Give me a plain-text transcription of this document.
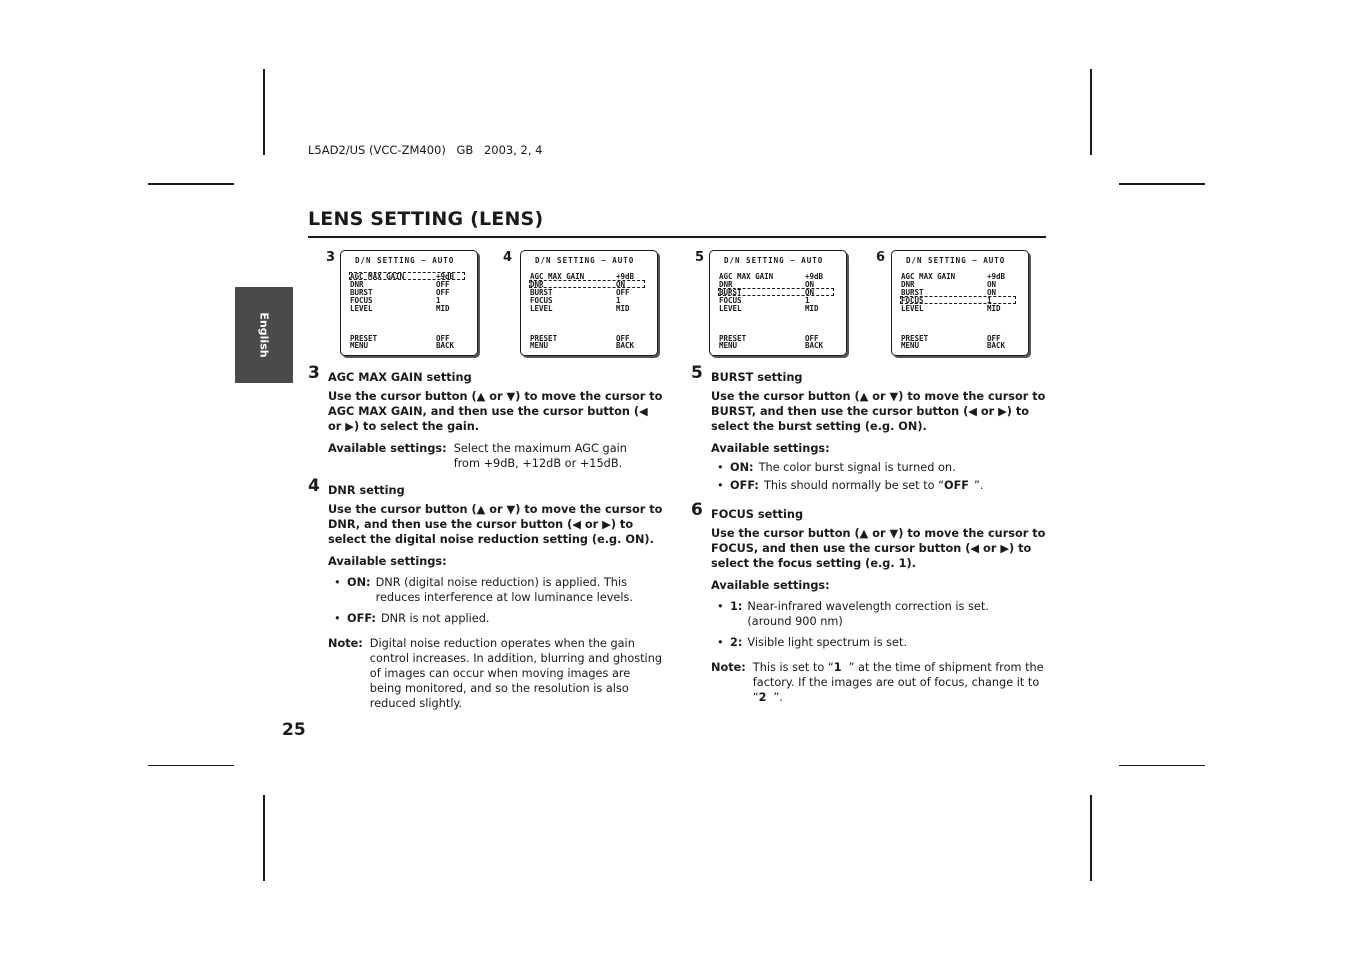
L5AD2/US (VCC-ZM400) GB 2003, 2, 4
LENS SETTING (LENS)
English
3	D/N SETTING − AUTO
AGC MAX GAIN	+9dB
DNR	OFF
BURST	OFF
FOCUS	1
LEVEL	MID
PRESET	OFF
MENU	BACK
4	D/N SETTING − AUTO
AGC MAX GAIN	+9dB
DNR	ON
BURST	OFF
FOCUS	1
LEVEL	MID
PRESET	OFF
MENU	BACK
5	D/N SETTING − AUTO
AGC MAX GAIN	+9dB
DNR	ON
BURST	ON
FOCUS	1
LEVEL	MID
PRESET	OFF
MENU	BACK
6	D/N SETTING − AUTO
AGC MAX GAIN	+9dB
DNR	ON
BURST	ON
FOCUS	1
LEVEL	MID
PRESET	OFF
MENU	BACK
3 AGC MAX GAIN setting
Use the cursor button (▲ or ▼) to move the cursor to AGC MAX GAIN, and then use the cursor button (◀ or ▶) to select the gain.
Available settings: Select the maximum AGC gain from +9dB, +12dB or +15dB.
4 DNR setting
Use the cursor button (▲ or ▼) to move the cursor to DNR, and then use the cursor button (◀ or ▶) to select the digital noise reduction setting (e.g. ON).
Available settings:
• ON: DNR (digital noise reduction) is applied. This reduces interference at low luminance levels.
• OFF: DNR is not applied.
Note: Digital noise reduction operates when the gain control increases. In addition, blurring and ghosting of images can occur when moving images are being monitored, and so the resolution is also reduced slightly.
5 BURST setting
Use the cursor button (▲ or ▼) to move the cursor to BURST, and then use the cursor button (◀ or ▶) to select the burst setting (e.g. ON).
Available settings:
• ON: The color burst signal is turned on.
• OFF: This should normally be set to “OFF ”.
6 FOCUS setting
Use the cursor button (▲ or ▼) to move the cursor to FOCUS, and then use the cursor button (◀ or ▶) to select the focus setting (e.g. 1).
Available settings:
• 1: Near-infrared wavelength correction is set.
(around 900 nm)
• 2: Visible light spectrum is set.
Note: This is set to “1 ” at the time of shipment from the factory. If the images are out of focus, change it to “2 ”.
25
